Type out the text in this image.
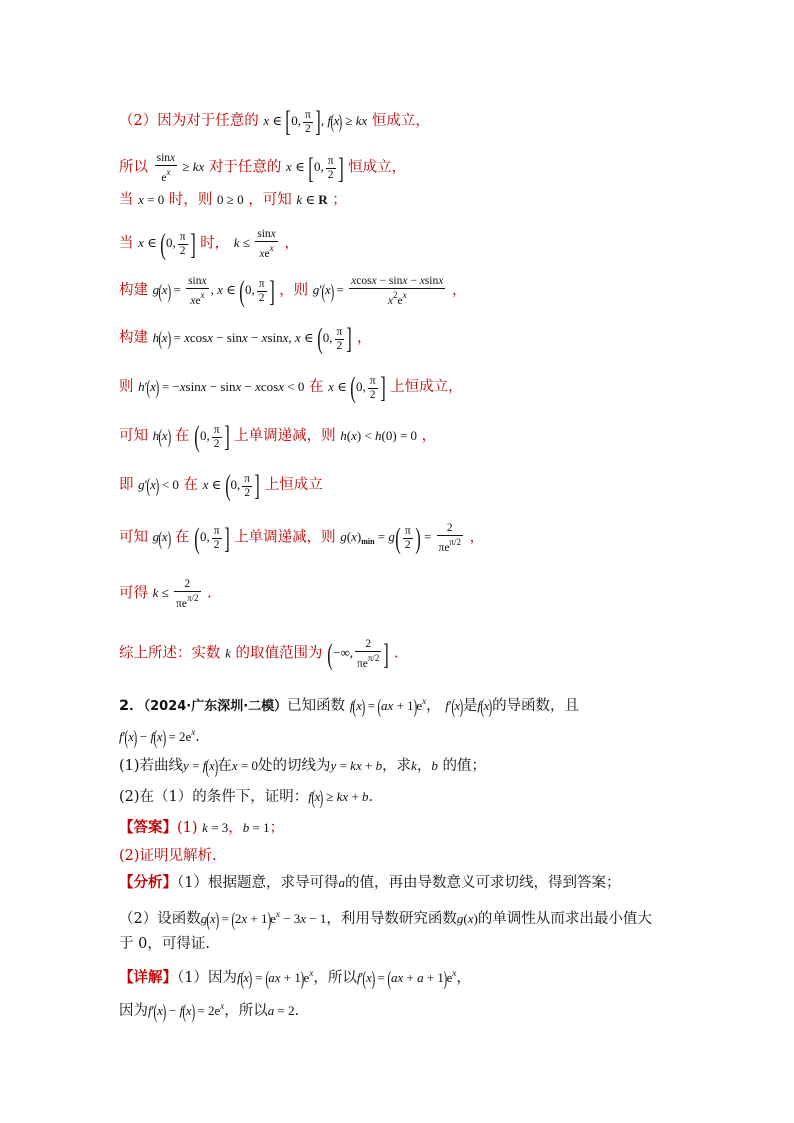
（2）因为对于任意的 x ∈ [0, $\frac{\pi}{2}$ ], f(x) ≥ kx 恒成立，
所以 $\frac{\sin x}{e^x}$ ≥ kx 对于任意的 x ∈ [0, $\frac{\pi}{2}$ ] 恒成立，
当 x = 0 时，则 0 ≥ 0 ，可知 k ∈ R ；
当 x ∈ (0, $\frac{\pi}{2}$ ] 时， $k \le \frac{\sin x}{xe^x}$ ，
构建 $g(x) = \frac{\sin x}{xe^x}$ , x ∈ (0, $\frac{\pi}{2}$ ] ，则 $g'(x) = \frac{xcosx - \sin x - xsinx}{x^2e^x}$ ，
构建 h(x) = xcosx − sinx − xsinx, x ∈ (0, $\frac{\pi}{2}$ ] ，
则 h′(x) = −xsinx − sinx − xcosx < 0 在 x ∈ (0, $\frac{\pi}{2}$ ] 上恒成立，
可知 h(x) 在 (0, $\frac{\pi}{2}$ ] 上单调递减，则 h(x) < h(0) = 0 ，
即 g′(x) < 0 在 x ∈ (0, $\frac{\pi}{2}$ ] 上恒成立
可知 g(x) 在 (0, $\frac{\pi}{2}$ ] 上单调递减，则 $g(x)_{min} = g( \frac{\pi}{2}$ ) = $\frac{2}{\pi e^{\pi/2}}$ ，
可得 $k \le \frac{2}{\pi e^{\pi/2}}$ .
综上所述：实数 k 的取值范围为 (−∞, $\frac{2}{\pi e^{\pi/2}}$ ] .
2．（2024·广东深圳·二模）已知函数 $f(x) = (ax + 1)e^x$， f′(x)是f(x)的导函数，且
$f'(x) - f(x) = 2e^x$．
(1)若曲线y = f(x)在x = 0处的切线为y = kx + b，求k，b 的值；
(2)在（1）的条件下，证明：f(x) ≥ kx + b．
【答案】(1) k = 3，b = 1；
(2)证明见解析.
【分析】（1）根据题意，求导可得a的值，再由导数意义可求切线，得到答案；
（2）设函数$g(x) = (2x + 1)e^x - 3x - 1$，利用导数研究函数g(x)的单调性从而求出最小值大
于 0，可得证.
【详解】（1）因为$f(x) = (ax + 1)e^x$，所以$f'(x) = (ax + a + 1)e^x$，
因为$f'(x) - f(x) = 2e^x$，所以a = 2．
